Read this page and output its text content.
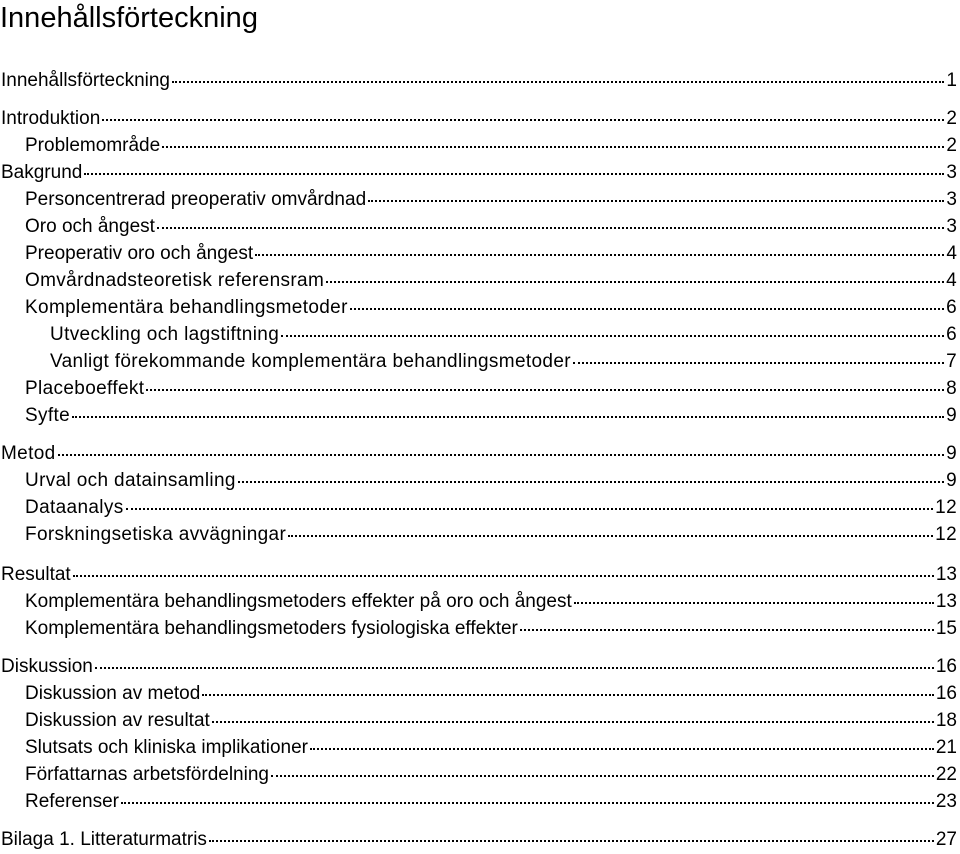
Innehållsförteckning
Innehållsförteckning	1
Introduktion	2
Problemområde	2
Bakgrund	3
Personcentrerad preoperativ omvårdnad	3
Oro och ångest	3
Preoperativ oro och ångest	4
Omvårdnadsteoretisk referensram	4
Komplementära behandlingsmetoder	6
Utveckling och lagstiftning	6
Vanligt förekommande komplementära behandlingsmetoder	7
Placeboeffekt	8
Syfte	9
Metod	9
Urval och datainsamling	9
Dataanalys	12
Forskningsetiska avvägningar	12
Resultat	13
Komplementära behandlingsmetoders effekter på oro och ångest	13
Komplementära behandlingsmetoders fysiologiska effekter	15
Diskussion	16
Diskussion av metod	16
Diskussion av resultat	18
Slutsats och kliniska implikationer	21
Författarnas arbetsfördelning	22
Referenser	23
Bilaga 1. Litteraturmatris	27
